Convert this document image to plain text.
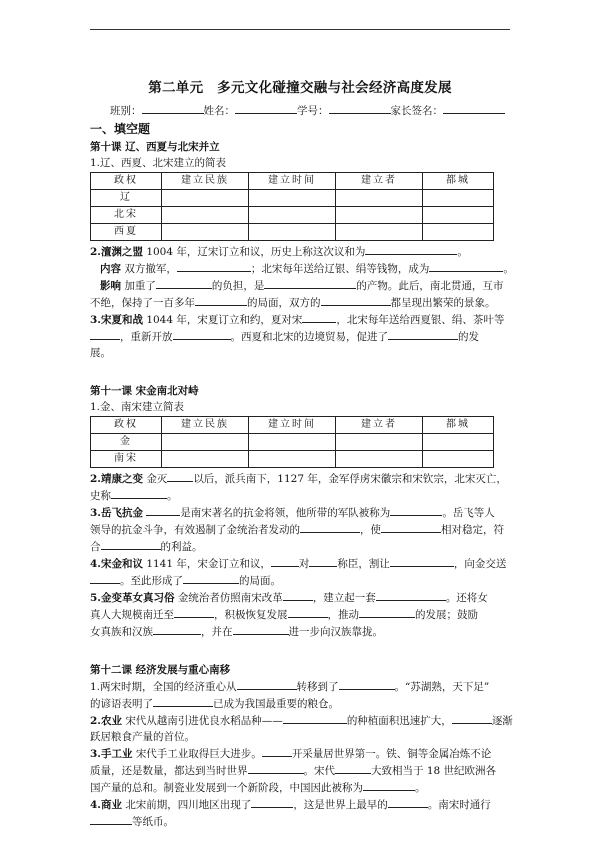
第二单元　多元文化碰撞交融与社会经济高度发展
班别：	姓名：	学号：	家长签名：
一、填空题
第十课 辽、西夏与北宋并立
1.辽、西夏、北宋建立的简表
政权	建立民族	建立时间	建立者	都城
辽				
北宋				
西夏				
2.澶渊之盟 1004 年，辽宋订立和议，历史上称这次议和为	。
内容 双方撤军，	；北宋每年送给辽银、绢等钱物，成为	。
影响 加重了	的负担，是	的产物。此后，南北贯通，互市
不绝，保持了一百多年	的局面，双方的	都呈现出繁荣的景象。
3.宋夏和战 1044 年，宋夏订立和约，夏对宋	，北宋每年送给西夏银、绢、茶叶等
，重新开放	。西夏和北宋的边境贸易，促进了	的发
展。
第十一课 宋金南北对峙
1.金、南宋建立简表
政权	建立民族	建立时间	建立者	都城
金				
南宋				
2.靖康之变 金灭 以后，派兵南下，1127 年，金军俘虏宋徽宗和宋钦宗，北宋灭亡，
史称	。
3.岳飞抗金	是南宋著名的抗金将领，他所带的军队被称为	。岳飞等人
领导的抗金斗争，有效遏制了金统治者发动的	，使	相对稳定，符
合	的利益。
4.宋金和议 1141 年，宋金订立和议，	对	称臣，割让	，向金交送
。至此形成了	的局面。
5.金变革女真习俗 金统治者仿照南宋改革	，建立起一套	。还将女
真人大规模南迁至	，积极恢复发展	，推动	的发展；鼓励
女真族和汉族	，并在	进一步向汉族靠拢。
第十二课 经济发展与重心南移
1.两宋时期，全国的经济重心从	转移到了	。“苏湖熟，天下足”
的谚语表明了	已成为我国最重要的粮仓。
2.农业 宋代从越南引进优良水稻品种——	的种植面积迅速扩大，	逐渐
跃居粮食产量的首位。
3.手工业 宋代手工业取得巨大进步。	开采量居世界第一。铁、铜等金属冶炼不论
质量，还是数量，都达到当时世界	。宋代	大致相当于 18 世纪欧洲各
国产量的总和。制瓷业发展到一个新阶段，中国因此被称为	。
4.商业 北宋前期，四川地区出现了	，这是世界上最早的	。南宋时通行
等纸币。
